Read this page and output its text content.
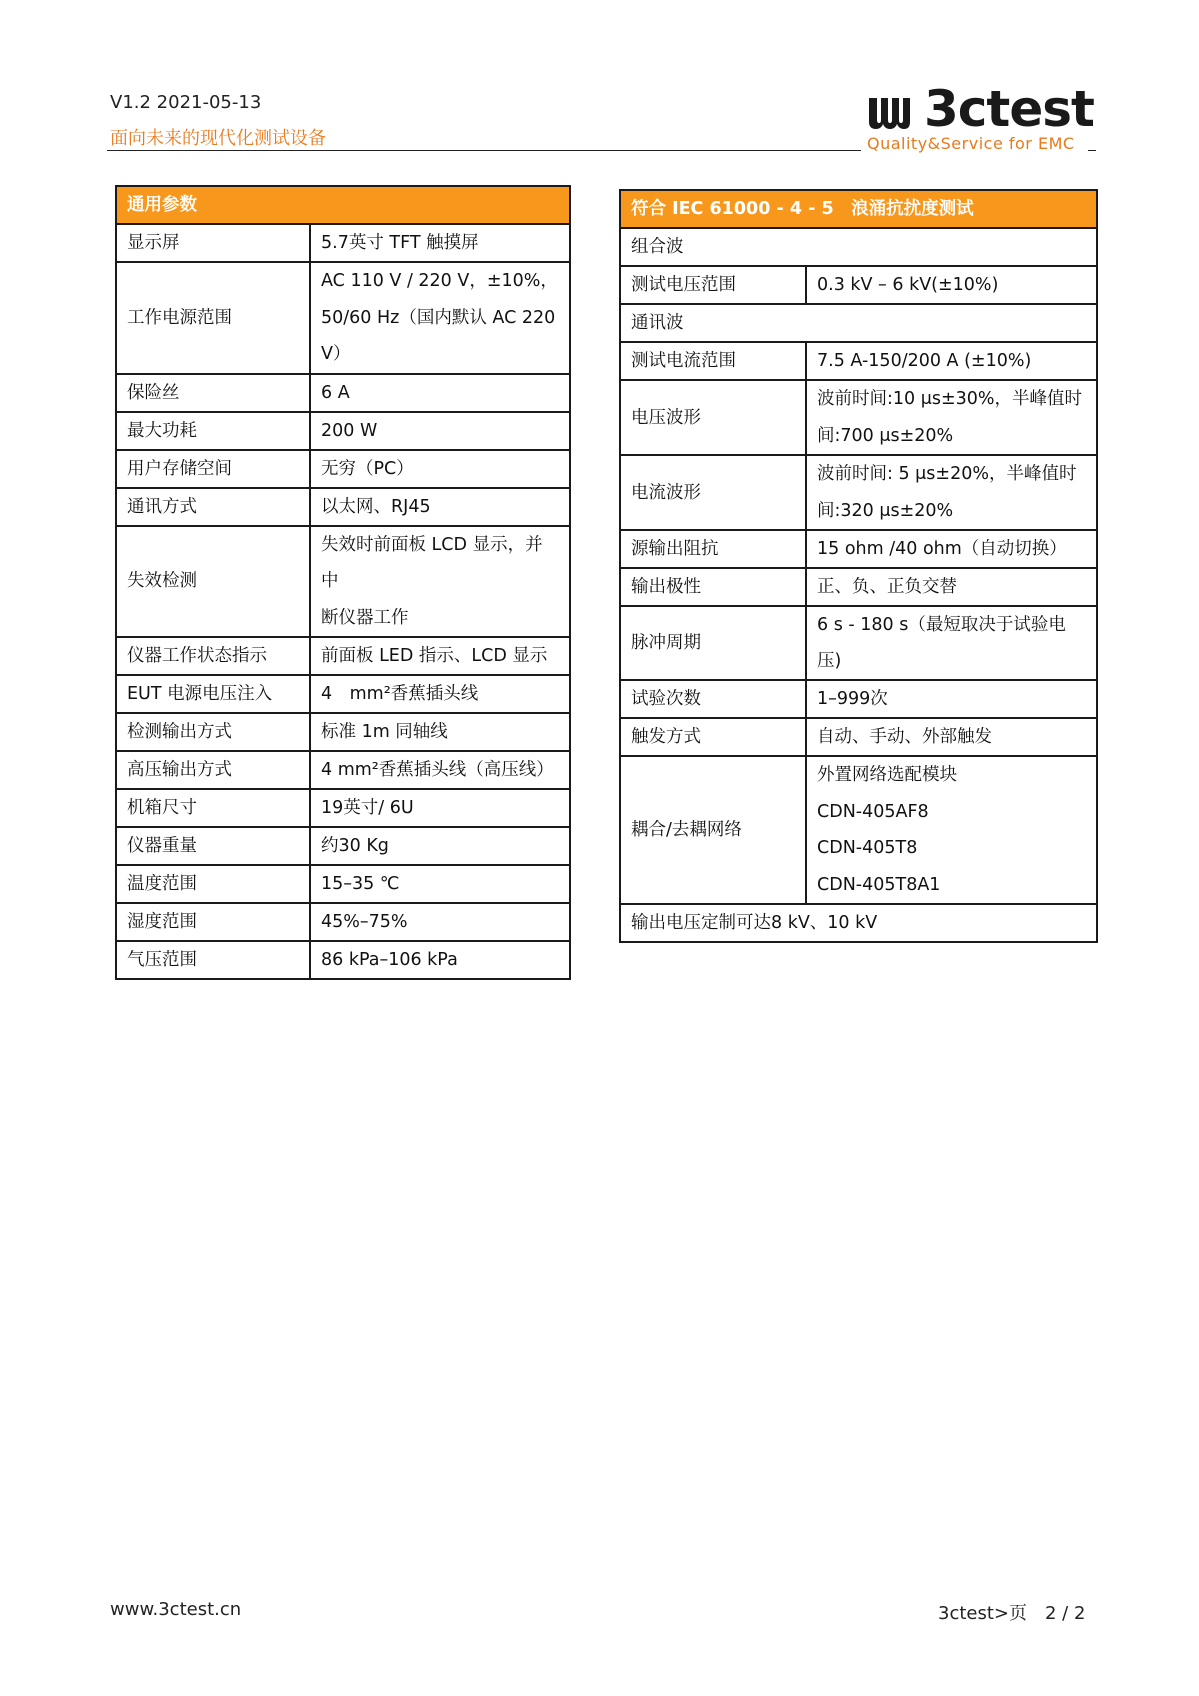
V1.2 2021-05-13
面向未来的现代化测试设备
3ctest
Quality&Service for EMC
通用参数	
显示屏	5.7英寸 TFT 触摸屏

工作电源范围	AC 110 V / 220 V，±10%，
50/60 Hz（国内默认 AC 220
V）

保险丝	6 A

最大功耗	200 W

用户存储空间	无穷（PC）

通讯方式	以太网、RJ45

失效检测	失效时前面板 LCD 显示，并中
断仪器工作

仪器工作状态指示	前面板 LED 指示、LCD 显示

EUT 电源电压注入	4　mm²香蕉插头线

检测输出方式	标准 1m 同轴线

高压输出方式	4 mm²香蕉插头线（高压线）

机箱尺寸	19英寸/ 6U

仪器重量	约30 Kg

温度范围	15–35 ℃

湿度范围	45%–75%

气压范围	86 kPa–106 kPa
符合 IEC 61000 - 4 - 5　浪涌抗扰度测试	
组合波	
测试电压范围	0.3 kV – 6 kV(±10%)
通讯波	
测试电流范围	7.5 A-150/200 A (±10%)

电压波形	波前时间:10 μs±30%，半峰值时
间:700 μs±20%

电流波形	波前时间: 5 μs±20%，半峰值时
间:320 μs±20%

源输出阻抗	15 ohm /40 ohm（自动切换）

输出极性	正、负、正负交替

脉冲周期	6 s - 180 s（最短取决于试验电压)

试验次数	1–999次

触发方式	自动、手动、外部触发

耦合/去耦网络	外置网络选配模块
CDN-405AF8
CDN-405T8
CDN-405T8A1

输出电压定制可达8 kV、10 kV	
www.3ctest.cn	3ctest>页　2 / 2
